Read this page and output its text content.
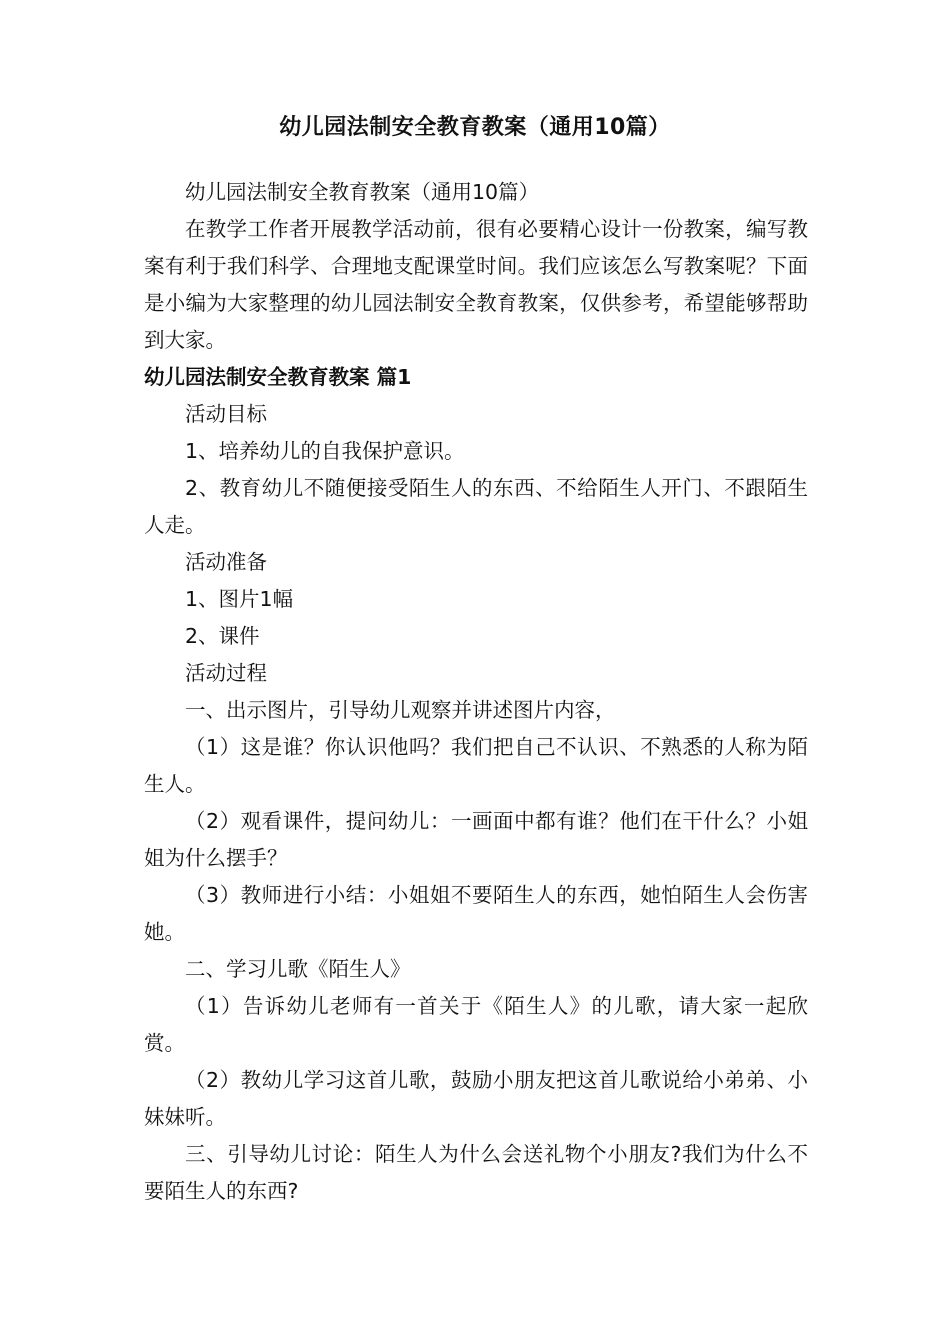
幼儿园法制安全教育教案（通用10篇）

幼儿园法制安全教育教案（通用10篇）

在教学工作者开展教学活动前，很有必要精心设计一份教案，编写教案有利于我们科学、合理地支配课堂时间。我们应该怎么写教案呢？下面是小编为大家整理的幼儿园法制安全教育教案，仅供参考，希望能够帮助到大家。

幼儿园法制安全教育教案 篇1

活动目标

1、培养幼儿的自我保护意识。

2、教育幼儿不随便接受陌生人的东西、不给陌生人开门、不跟陌生人走。

活动准备

1、图片1幅

2、课件

活动过程

一、出示图片，引导幼儿观察并讲述图片内容，

（1）这是谁？你认识他吗？我们把自己不认识、不熟悉的人称为陌生人。

（2）观看课件，提问幼儿：一画面中都有谁？他们在干什么？小姐姐为什么摆手？

（3）教师进行小结：小姐姐不要陌生人的东西，她怕陌生人会伤害她。

二、学习儿歌《陌生人》

（1）告诉幼儿老师有一首关于《陌生人》的儿歌，请大家一起欣赏。

（2）教幼儿学习这首儿歌，鼓励小朋友把这首儿歌说给小弟弟、小妹妹听。

三、引导幼儿讨论：陌生人为什么会送礼物个小朋友?我们为什么不要陌生人的东西?
